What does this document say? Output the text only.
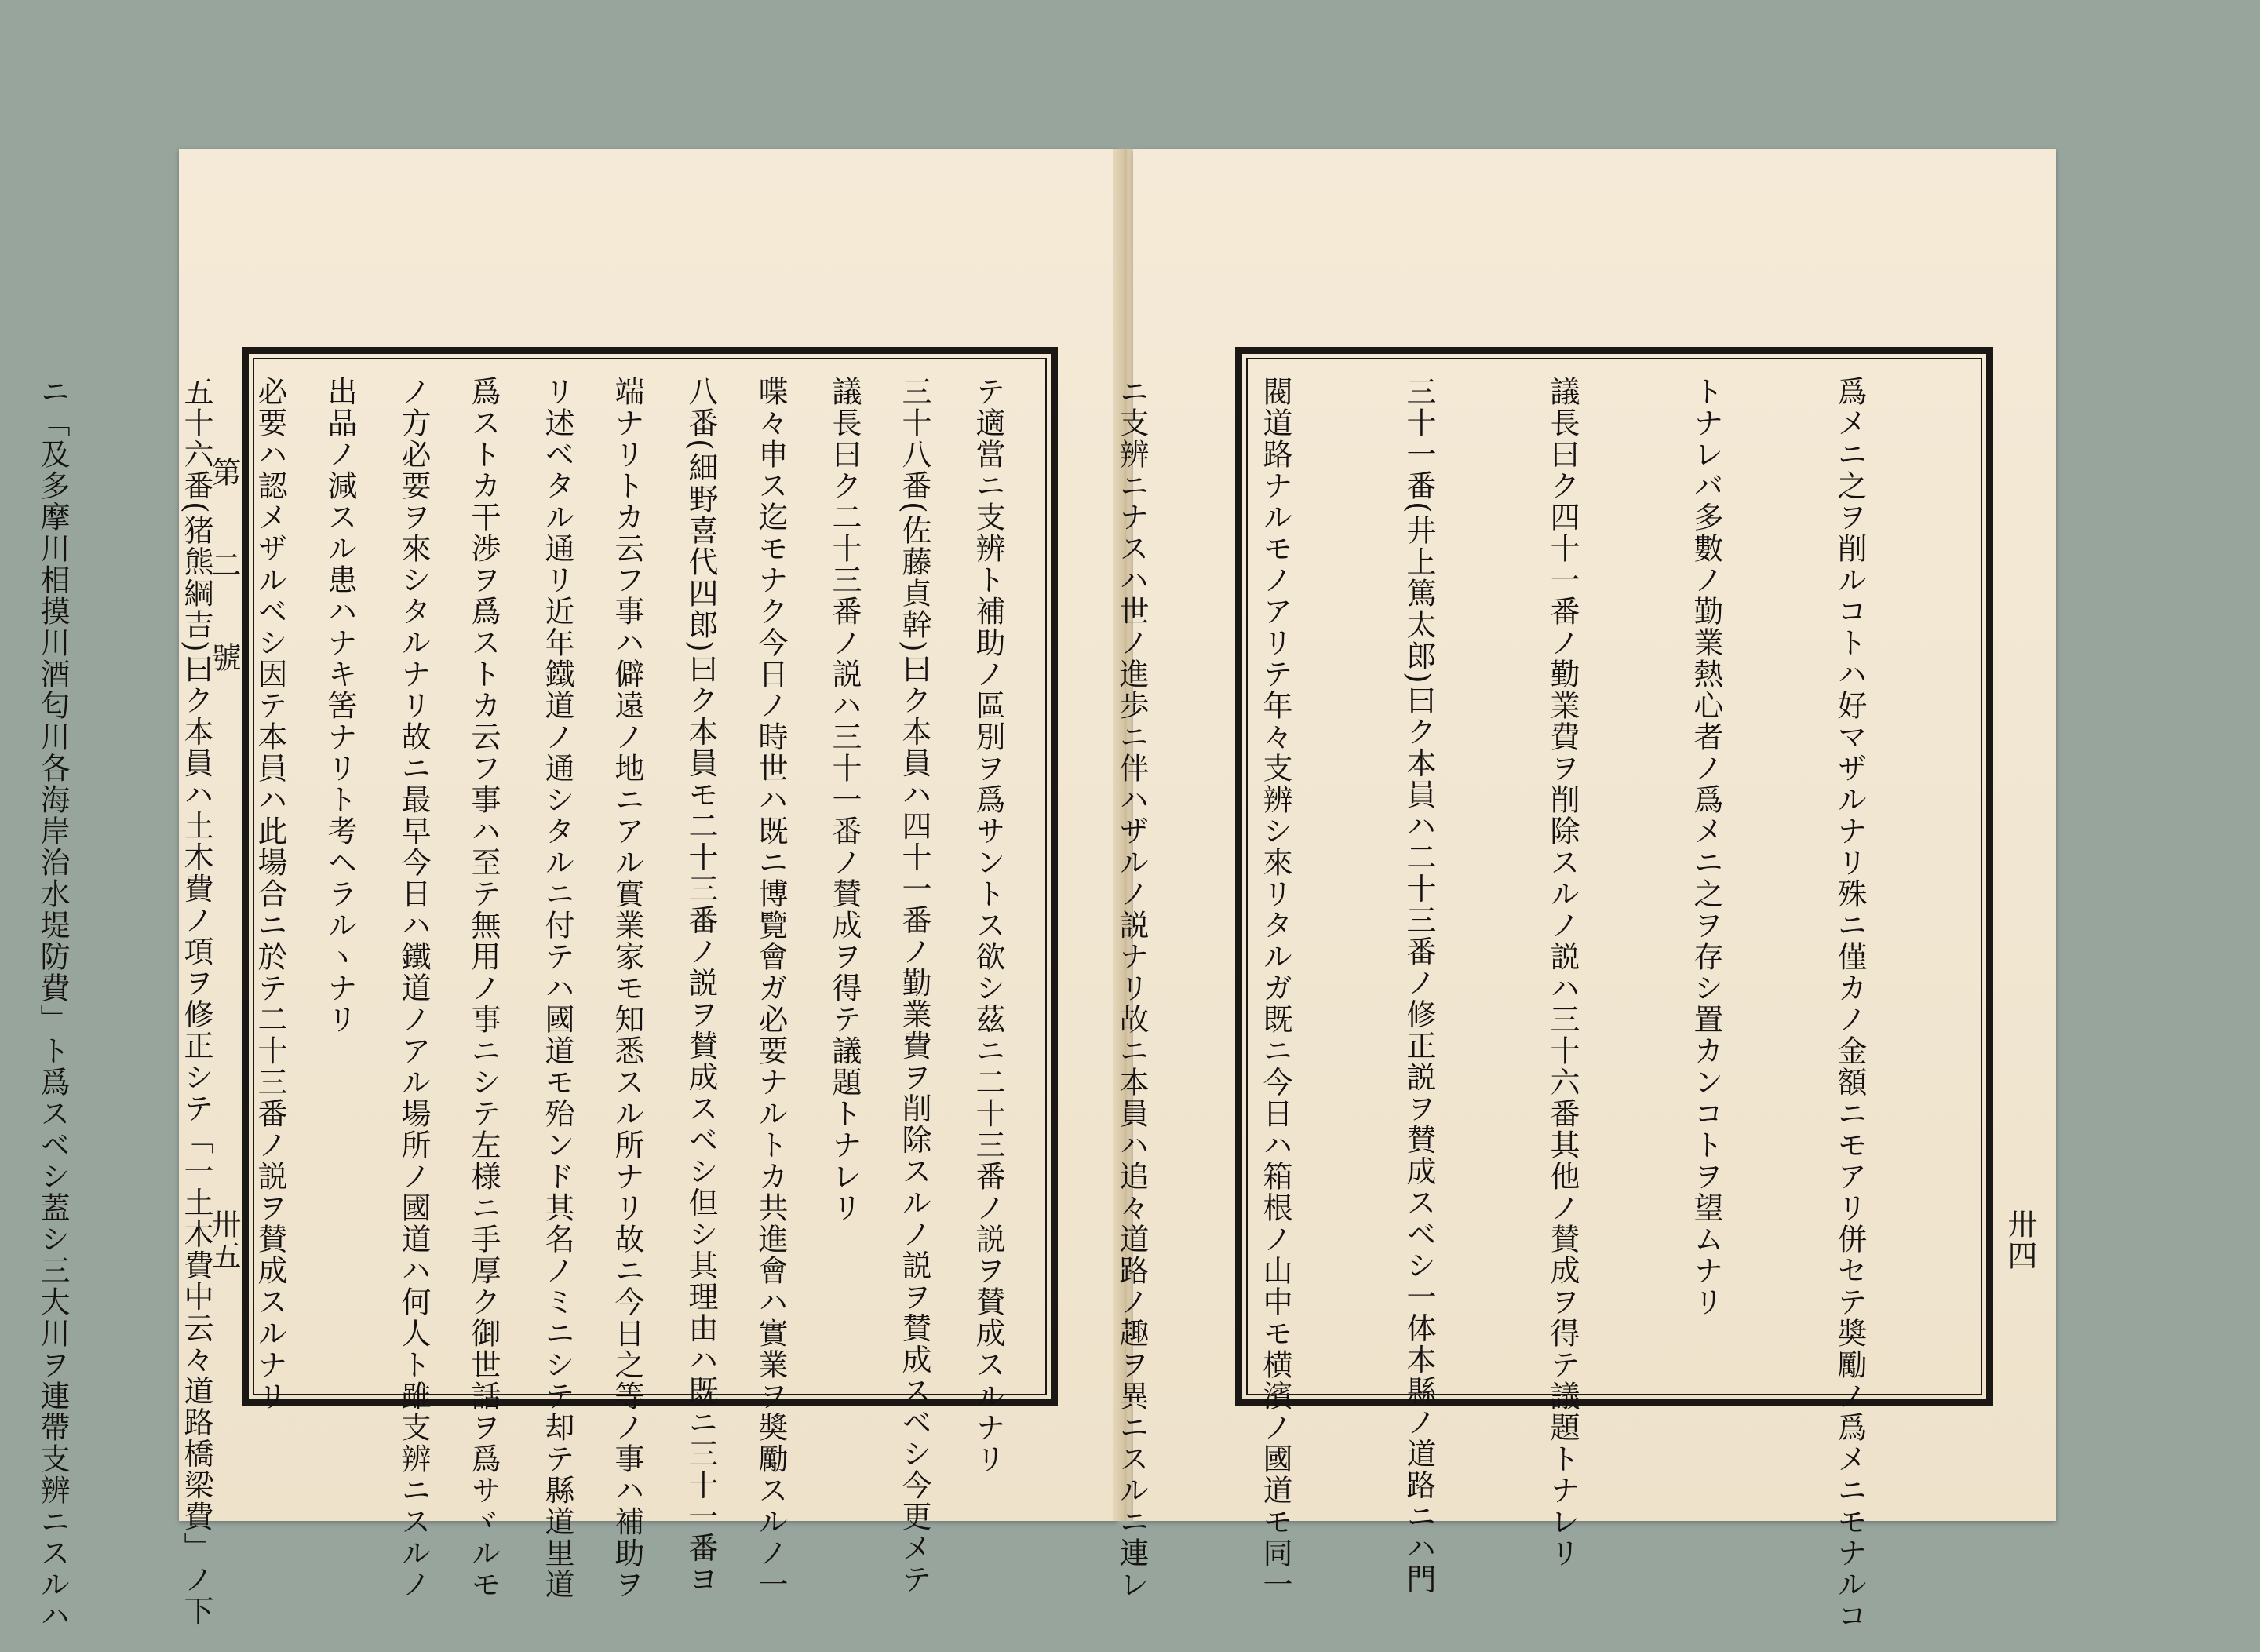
第 二 號
卅五

	三十八番(佐藤貞幹)曰ク本員ハ四十一番ノ勤業費ヲ削除スルノ説ヲ賛成スベシ今更メテ

喋々申ス迄モナク今日ノ時世ハ既ニ博覽會ガ必要ナルトカ共進會ハ實業ヲ奬勵スルノ一

端ナリトカ云フ事ハ僻遠ノ地ニアル實業家モ知悉スル所ナリ故ニ今日之等ノ事ハ補助ヲ

爲ストカ干渉ヲ爲ストカ云フ事ハ至テ無用ノ事ニシテ左様ニ手厚ク御世話ヲ爲サヾルモ

出品ノ減スル患ハナキ筈ナリト考ヘラルヽナリ

五十六番(猪熊綱吉)曰ク本員ハ土木費ノ項ヲ修正シテ「一土木費中云々道路橋梁費」ノ下

ニ「及多摩川相摸川酒匂川各海岸治水堤防費」ト爲スベシ蓋シ三大川ヲ連帶支辨ニスルハ

	卅四

爲メニ之ヲ削ルコトハ好マザルナリ殊ニ僅カノ金額ニモアリ併セテ奬勵ノ爲メニモナルコ

トナレバ多數ノ勤業熱心者ノ爲メニ之ヲ存シ置カンコトヲ望ムナリ

議長曰ク四十一番ノ勤業費ヲ削除スルノ説ハ三十六番其他ノ賛成ヲ得テ議題トナレリ

三十一番(井上篤太郎)曰ク本員ハ二十三番ノ修正説ヲ賛成スベシ一体本縣ノ道路ニハ門

閥道路ナルモノアリテ年々支辨シ來リタルガ既ニ今日ハ箱根ノ山中モ横濱ノ國道モ同一

ニ支辨ニナスハ世ノ進歩ニ伴ハザルノ説ナリ故ニ本員ハ追々道路ノ趣ヲ異ニスルニ連レ

テ適當ニ支辨ト補助ノ區別ヲ爲サントス欲シ茲ニ二十三番ノ説ヲ賛成スルナリ

議長曰ク二十三番ノ説ハ三十一番ノ賛成ヲ得テ議題トナレリ

八番(細野喜代四郎)曰ク本員モ二十三番ノ説ヲ賛成スベシ但シ其理由ハ既ニ三十一番ヨ

リ述ベタル通リ近年鐵道ノ通シタルニ付テハ國道モ殆ンド其名ノミニシテ却テ縣道里道

ノ方必要ヲ來シタルナリ故ニ最早今日ハ鐵道ノアル場所ノ國道ハ何人ト雖支辨ニスルノ

必要ハ認メザルベシ因テ本員ハ此場合ニ於テ二十三番ノ説ヲ賛成スルナリ
